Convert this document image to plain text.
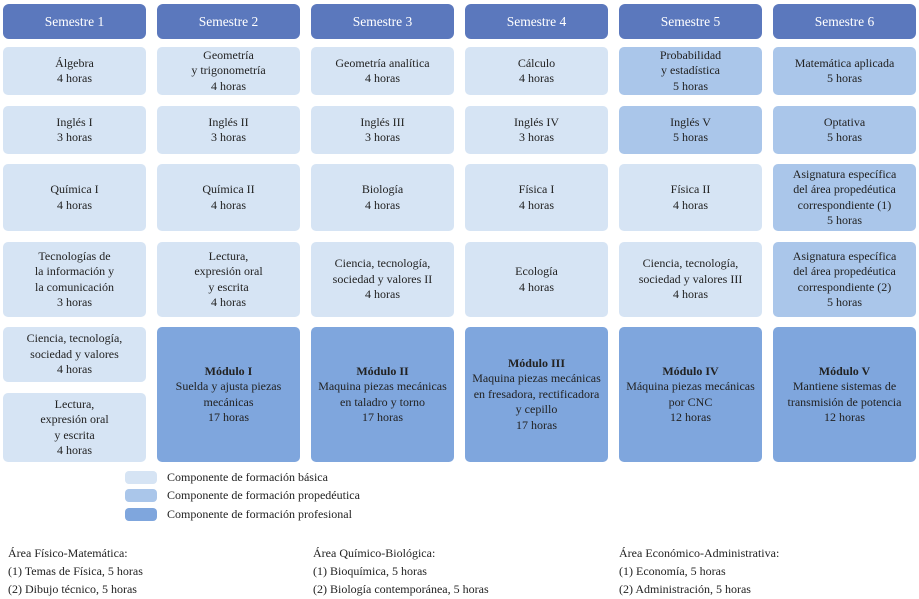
Semestre 1
Álgebra
4 horas
Inglés I
3 horas
Química I
4 horas
Tecnologías de
la información y
la comunicación
3 horas
Ciencia, tecnología,
sociedad y valores
4 horas
Lectura,
expresión oral
y escrita
4 horas
Semestre 2
Geometría
y trigonometría
4 horas
Inglés II
3 horas
Química II
4 horas
Lectura,
expresión oral
y escrita
4 horas
Módulo I
Suelda y ajusta piezas
mecánicas
17 horas
Semestre 3
Geometría analítica
4 horas
Inglés III
3 horas
Biología
4 horas
Ciencia, tecnología,
sociedad y valores II
4 horas
Módulo II
Maquina piezas mecánicas
en taladro y torno
17 horas
Semestre 4
Cálculo
4 horas
Inglés IV
3 horas
Física I
4 horas
Ecología
4 horas
Módulo III
Maquina piezas mecánicas
en fresadora, rectificadora
y cepillo
17 horas
Semestre 5
Probabilidad
y estadística
5 horas
Inglés V
5 horas
Física II
4 horas
Ciencia, tecnología,
sociedad y valores III
4 horas
Módulo IV
Máquina piezas mecánicas
por CNC
12 horas
Semestre 6
Matemática aplicada
5 horas
Optativa
5 horas
Asignatura específica
del área propedéutica
correspondiente (1)
5 horas
Asignatura específica
del área propedéutica
correspondiente (2)
5 horas
Módulo V
Mantiene sistemas de
transmisión de potencia
12 horas
Componente de formación básica
Componente de formación propedéutica
Componente de formación profesional
Área Físico-Matemática:
(1) Temas de Física, 5 horas
(2) Dibujo técnico, 5 horas
Área Químico-Biológica:
(1) Bioquímica, 5 horas
(2) Biología contemporánea, 5 horas
Área Económico-Administrativa:
(1) Economía, 5 horas
(2) Administración, 5 horas
